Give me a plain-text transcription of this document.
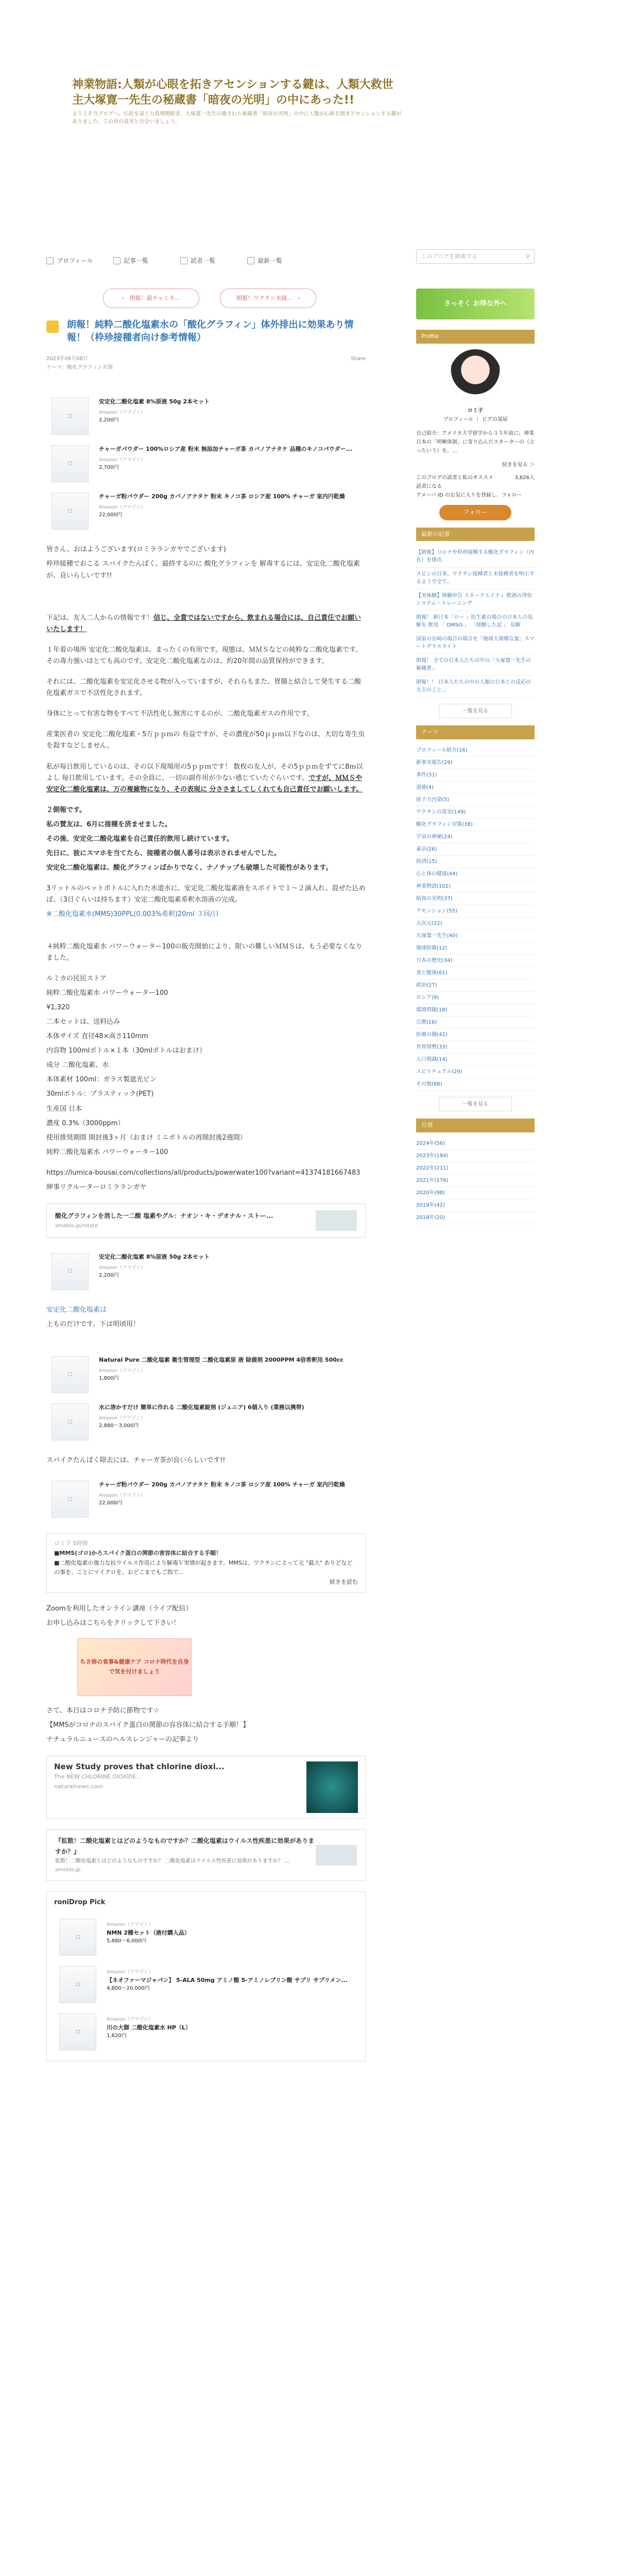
神業物語:人類が心眼を拓きアセンションする鍵は、人類大救世主大塚寛一先生の秘蔵書「暗夜の光明」の中にあった!!
ようこそ当ブログへ。仏陀を凌ぐ大真理開眼者、大塚寛一先生の遺された秘蔵書「暗夜の光明」の中に人類が心眼を開きアセンションする鍵がありました。この世の真実と出会いましょう。
プロフィール	記事一覧	読者一覧	最新一覧
このブログを検索する	⚲
‹ 朗報！最チャミネ...	朗報！ワクチン未接... ›
朗報！純粋二酸化塩素水の「酸化グラフィン」体外排出に効果あり情報！（枠珍接種者向け参考情報）
2023年09月08日	Share
テーマ：酸化グラフィン対策
□
安定化二酸化塩素 8%原液 50g 2本セット
Amazon（アマゾン）
2,200円
□
チャーガパウダー 100%ロシア産 粉末 無添加チャーガ茶 カバノアナタケ 品種のキノコパウダー...
Amazon（アマゾン）
2,700円
□
チャーガ粉パウダー 200g カバノアナタケ 粉末 キノコ茶 ロシア産 100% チャーガ 室内円乾燥
Amazon（アマゾン）
22,000円

皆さん、おはようございます(ロミラランガヤでございます)

枠珍接種でおこる スパイクたんぱく、最終するのに 酸化グラフィンを 解毒するには、安定化二酸化塩素が、良いらしいです!!

下記は、友人二人からの情報です！信じ、全責ではないですから、飲まれる場合には、自己責任でお願いいたします！

１年着の場所 安定化二酸化塩素は、まったくの有用です。現態は、ＭＭＳなどの純粋な二酸化塩素です。その毒力強いはとても高のです。安定化二酸化塩素なのは、約20年間の品質保持ができます。

それには、二酸化塩素を安定化させる物が入っていますが、それらもまた、胃腸と結合して発生する二酸化塩素ガスで不活性化されます。

身体にとって有害な物をすべて不活性化し無害にするのが、二酸化塩素ガスの作用です。

産業医者の 安定化二酸化塩素・5万ｐｐｍの 有益ですが、その濃度が50ｐｐｍ以下なのは、大切な寄生虫を殺すなどしません。

私が毎日飲用しているのは、その以下現場用の5ｐｐｍです！ 数枚の友人が、その5ｐｐｍをずてに8ｍ以よし 毎日飲用しています。その全員に、一切の副作用が少ない感じていたぐらいです。ですが、ＭＭＳや安定化二酸化塩素は、万の複雑物になり、その表現に 分ささましてしくれても自己責任でお願いします。

２側報です。

私の賛友は、6月に接種を済ませました。

その後、安定化二酸化塩素を自己責任的飲用し続けています。

先日に、彼にスマホを当てたら、接種者の個人番号は表示されませんでした。

安定化二酸化塩素は、酸化グラフィンばかりでなく、ナノチップも破壊した可能性があります。

3リットルのペットボトルに入れた水道水に、安定化二酸化塩素液をスポイトで１〜２滴入れ、混ぜた込めば、（3日ぐらいは持ちます）安定二酸化塩素希釈水溶液の完成。

※二酸化塩素水(MMS)30PPL(0.003%希釈)20ml ３回/日

４純粋二酸化塩素水 パワーウォーター100の販売開始により、限いの難しいＭＭＳは、もう必要なくなりました。

ルミカの民民ストア

純粋二酸化塩素水 パワーウォーター100

¥1,320

二本セットは、送料込み

本体サイズ 直径48×高さ110mm

内容物 100mlボトル×１本（30mlボトルはおまけ）

成分 二酸化塩素、水

本体素材 100ml：ガラス製遮光ビン

30mlボトル：プラスティック(PET)

生産国 日本

濃度 0.3%（3000ppm）

使用推奨期間 開封後3ヶ月（おまけ ミニボトルの再開封後2週間）

純粋二酸化塩素水 パワーウォーター100

https://lumica-bousai.com/collections/all/products/powerwater100?variant=41374181667483

紳事リクルーターロミラランガヤ

酸化グラフィンを消した一二酸 塩素やグル：ナオン・キ・デオナル・ストー...
ameblo.jp/rotate
□
安定化二酸化塩素 8%原液 50g 2本セット
Amazon（アマゾン）
2,200円

安定化二酸化塩素は

上ものだけです。下は明頃用！

□
Natural Pure 二酸化塩素 衛生管理型 二酸化塩素原 液 除菌剤 2000PPM 4倍希釈用 500cc
Amazon（アマゾン）
1,800円
□
水に溶かすだけ 簡単に作れる 二酸化塩素錠剤 (ジュニア) 6個入り (業務以携帯)
Amazon（アマゾン）
2,880〜3,000円

スパイクたんぱく除去には、チャーガ茶が良いらしいです!!

□
チャーガ粉パウダー 200g カバノアナタケ 粉末 キノコ茶 ロシア産 100% チャーガ 室内円乾燥
Amazon（アマゾン）
22,000円
ロミ子 5時間
■MMS(ゴロ)かろスパイク蛋白の関節の害容体に結合する手順！
■二酸化塩素の強力な抗ウイルス作用により解毒Ｖ実情が起きます。MMSは、ワクチンによって元 "最大" ありどなどの事を、ことにマイクロを、おどこまでもご指で...
続きを読む

Zoomを利用したオンライン講座（ライブ配信）

お申し込みはこちらをクリックして下さい！

ちさ姉の食事&健康ケア コロナ時代を自身で気を付けましょう

さて、本日はコロナ予防に節物です☆

【MMSがコロナのスパイク蛋白の関節の容容体に結合する手順！】

ナチュラルニュースのヘルスレンジャーの記事より

New Study proves that chlorine dioxi...
The NEW CHLORINE DIOXIDE...
naturalnews.com
『拡散！二酸化塩素とはどのようなものですか？二酸化塩素はウイルス性疾患に効果がありますか？』
拡散！二酸化塩素とはどのようなものですか？ 二酸化塩素はウイルス性疾患に効果がありますか？ ...
ameblo.jp
roniDrop Pick
□
Amazon（アマゾン）
NMN 2種セット（液付購入品）
5,880〜6,000円
□
Amazon（アマゾン）
【ネオファーマジャパン】 5-ALA 50mg アミノ酸 5-アミノレブリン酸 サプリ サプリメン...
4,800〜20,000円
□
Amazon（アマゾン）
川の大御 二酸化塩素水 HP（L）
1,620円
さっそく お得な外へ
Profile
ロミ子
プロフィール ｜ ピグの部屋

自己紹介：アメリカ大学留学から３５年前に、神業日本の「明晰体制」に寄り込んだスターターの（立ったいう）を。...

続きを見る ＞
このブログの読者と私のオススメ	3,826人
読者になる
アメーバ ID のお気に入りを登録し、フォロー
フォロー
最新の記事
【朗報】コロナや枠珍接種する酸化グラフィン（内在）を排出
スピンの日米、ワクチン接種者と未接種者を明示するようで全て。
【実体験】体験申告 スネークエイティ 飲酒の浄化システム・トレーニング
朗報！ 新日本「ロー 」抗生素の場合の日本人の見解を 飲用 「 DMSO 」 「経験した記 」 見解
国家の長崎の場合の場合を「地球大規模な量」スマートグラスライト
朗報！ 全ての日本人たちの中の「大塚寛一先生の秘蔵書」
朗報！！ 日本人たちの中の人類の日本との反応の大主のこと...
一覧を見る
テーマ
プロフィール紹介(16)
新事実報告(29)
事件(31)
道徳(4)
原子力汚染(5)
ワクチンの真実(149)
酸化グラフィン対策(38)
宇宙の神秘(24)
東京(26)
経済(15)
心と体の健康(44)
神業物語(102)
暗夜の光明(37)
アセンション(55)
五次元(22)
大塚寛一先生(40)
地球防衛(12)
日本の歴史(34)
食と健康(61)
政治(27)
ロシア(9)
環境問題(18)
宗教(16)
医療の闇(42)
世界情勢(33)
人口削減(14)
スピリチュアル(29)
その他(88)
一覧を見る
月別
2024年(56)
2023年(184)
2022年(211)
2021年(176)
2020年(98)
2019年(42)
2018年(20)
